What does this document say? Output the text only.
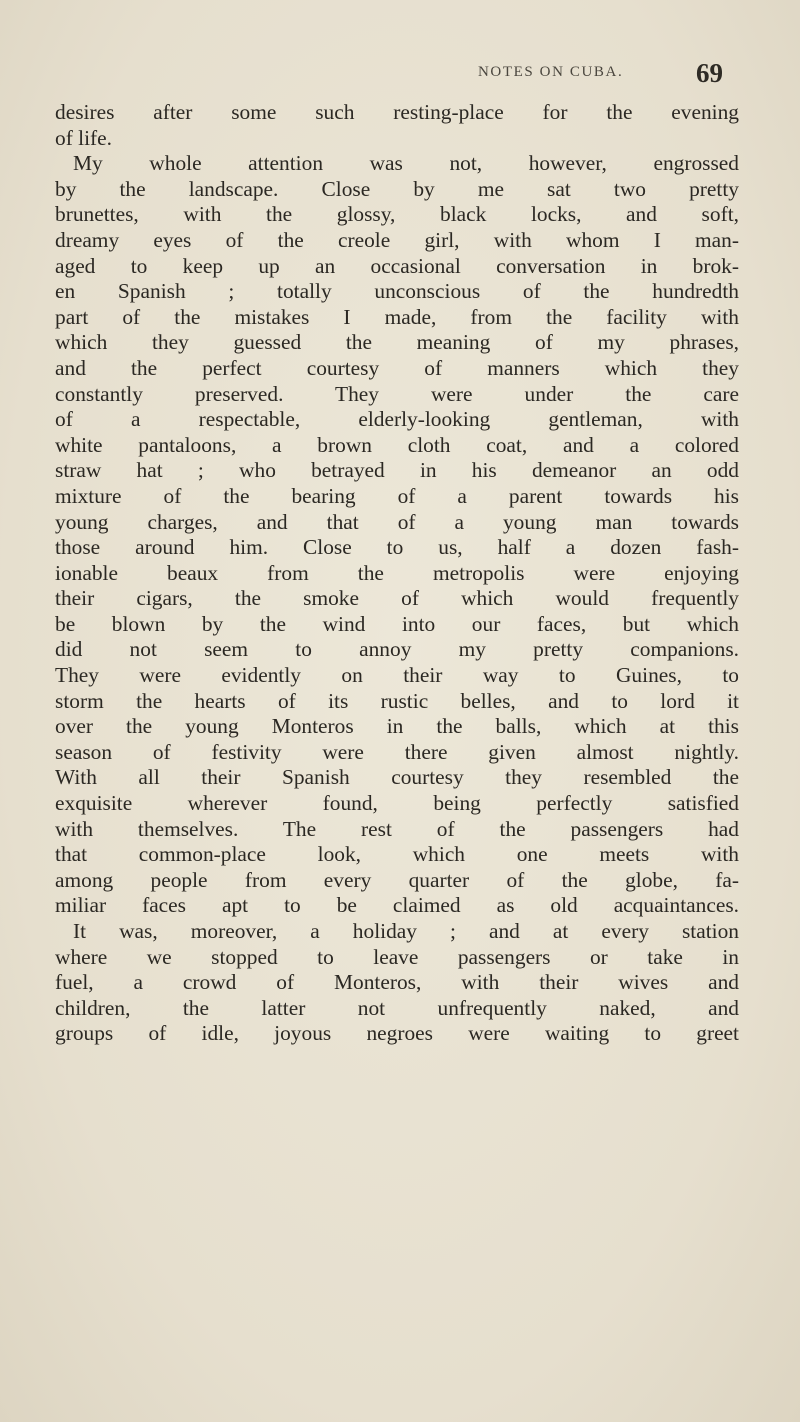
NOTES ON CUBA.	69
desires after some such resting-place for the evening
of life.
My whole attention was not, however, engrossed
by the landscape. Close by me sat two pretty
brunettes, with the glossy, black locks, and soft,
dreamy eyes of the creole girl, with whom I man-
aged to keep up an occasional conversation in brok-
en Spanish ; totally unconscious of the hundredth
part of the mistakes I made, from the facility with
which they guessed the meaning of my phrases,
and the perfect courtesy of manners which they
constantly preserved. They were under the care
of a respectable, elderly-looking gentleman, with
white pantaloons, a brown cloth coat, and a colored
straw hat ; who betrayed in his demeanor an odd
mixture of the bearing of a parent towards his
young charges, and that of a young man towards
those around him. Close to us, half a dozen fash-
ionable beaux from the metropolis were enjoying
their cigars, the smoke of which would frequently
be blown by the wind into our faces, but which
did not seem to annoy my pretty companions.
They were evidently on their way to Guines, to
storm the hearts of its rustic belles, and to lord it
over the young Monteros in the balls, which at this
season of festivity were there given almost nightly.
With all their Spanish courtesy they resembled the
exquisite wherever found, being perfectly satisfied
with themselves. The rest of the passengers had
that common-place look, which one meets with
among people from every quarter of the globe, fa-
miliar faces apt to be claimed as old acquaintances.
It was, moreover, a holiday ; and at every station
where we stopped to leave passengers or take in
fuel, a crowd of Monteros, with their wives and
children, the latter not unfrequently naked, and
groups of idle, joyous negroes were waiting to greet
